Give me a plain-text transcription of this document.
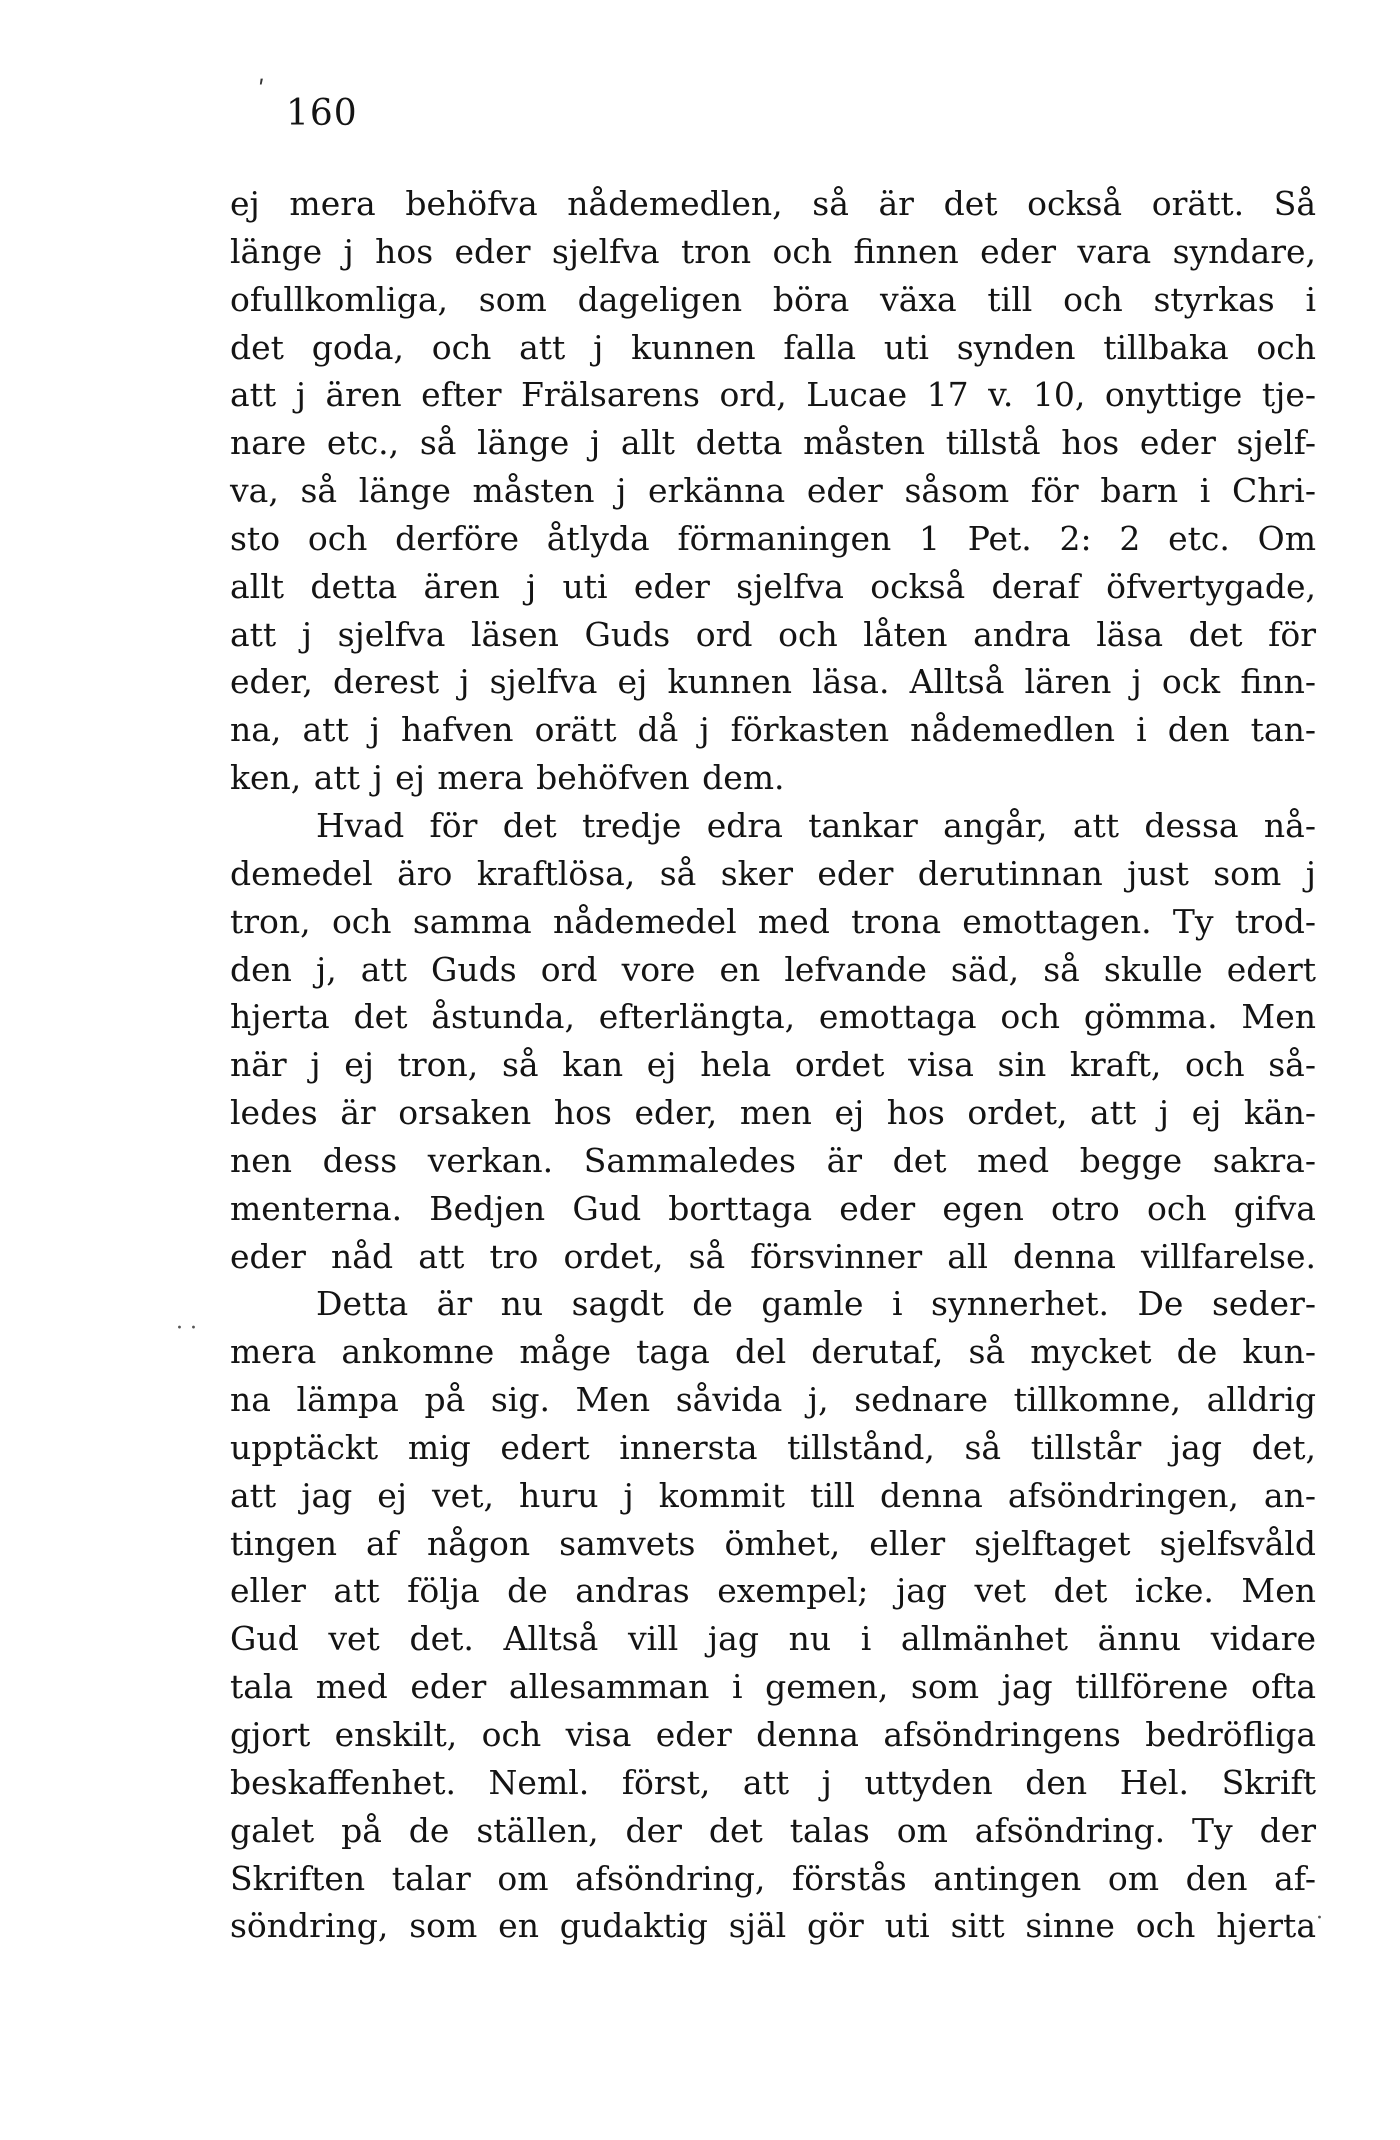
ʹ
160
ej mera behöfva nådemedlen, så är det också orätt. Så
länge j hos eder sjelfva tron och finnen eder vara syndare,
ofullkomliga, som dageligen böra växa till och styrkas i
det goda, och att j kunnen falla uti synden tillbaka och
att j ären efter Frälsarens ord, Lucae 17 v. 10, onyttige tje-
nare etc., så länge j allt detta måsten tillstå hos eder sjelf-
va, så länge måsten j erkänna eder såsom för barn i Chri-
sto och derföre åtlyda förmaningen 1 Pet. 2: 2 etc. Om
allt detta ären j uti eder sjelfva också deraf öfvertygade,
att j sjelfva läsen Guds ord och låten andra läsa det för
eder, derest j sjelfva ej kunnen läsa. Alltså lären j ock finn-
na, att j hafven orätt då j förkasten nådemedlen i den tan-
ken, att j ej mera behöfven dem.
Hvad för det tredje edra tankar angår, att dessa nå-
demedel äro kraftlösa, så sker eder derutinnan just som j
tron, och samma nådemedel med trona emottagen. Ty trod-
den j, att Guds ord vore en lefvande säd, så skulle edert
hjerta det åstunda, efterlängta, emottaga och gömma. Men
när j ej tron, så kan ej hela ordet visa sin kraft, och så-
ledes är orsaken hos eder, men ej hos ordet, att j ej kän-
nen dess verkan. Sammaledes är det med begge sakra-
menterna. Bedjen Gud borttaga eder egen otro och gifva
eder nåd att tro ordet, så försvinner all denna villfarelse.
Detta är nu sagdt de gamle i synnerhet. De seder-
mera ankomne måge taga del derutaf, så mycket de kun-
na lämpa på sig. Men såvida j, sednare tillkomne, alldrig
upptäckt mig edert innersta tillstånd, så tillstår jag det,
att jag ej vet, huru j kommit till denna afsöndringen, an-
tingen af någon samvets ömhet, eller sjelftaget sjelfsvåld
eller att följa de andras exempel; jag vet det icke. Men
Gud vet det. Alltså vill jag nu i allmänhet ännu vidare
tala med eder allesamman i gemen, som jag tillförene ofta
gjort enskilt, och visa eder denna afsöndringens bedröfliga
beskaffenhet. Neml. först, att j uttyden den Hel. Skrift
galet på de ställen, der det talas om afsöndring. Ty der
Skriften talar om afsöndring, förstås antingen om den af-
söndring, som en gudaktig själ gör uti sitt sinne och hjerta
· ·
·
